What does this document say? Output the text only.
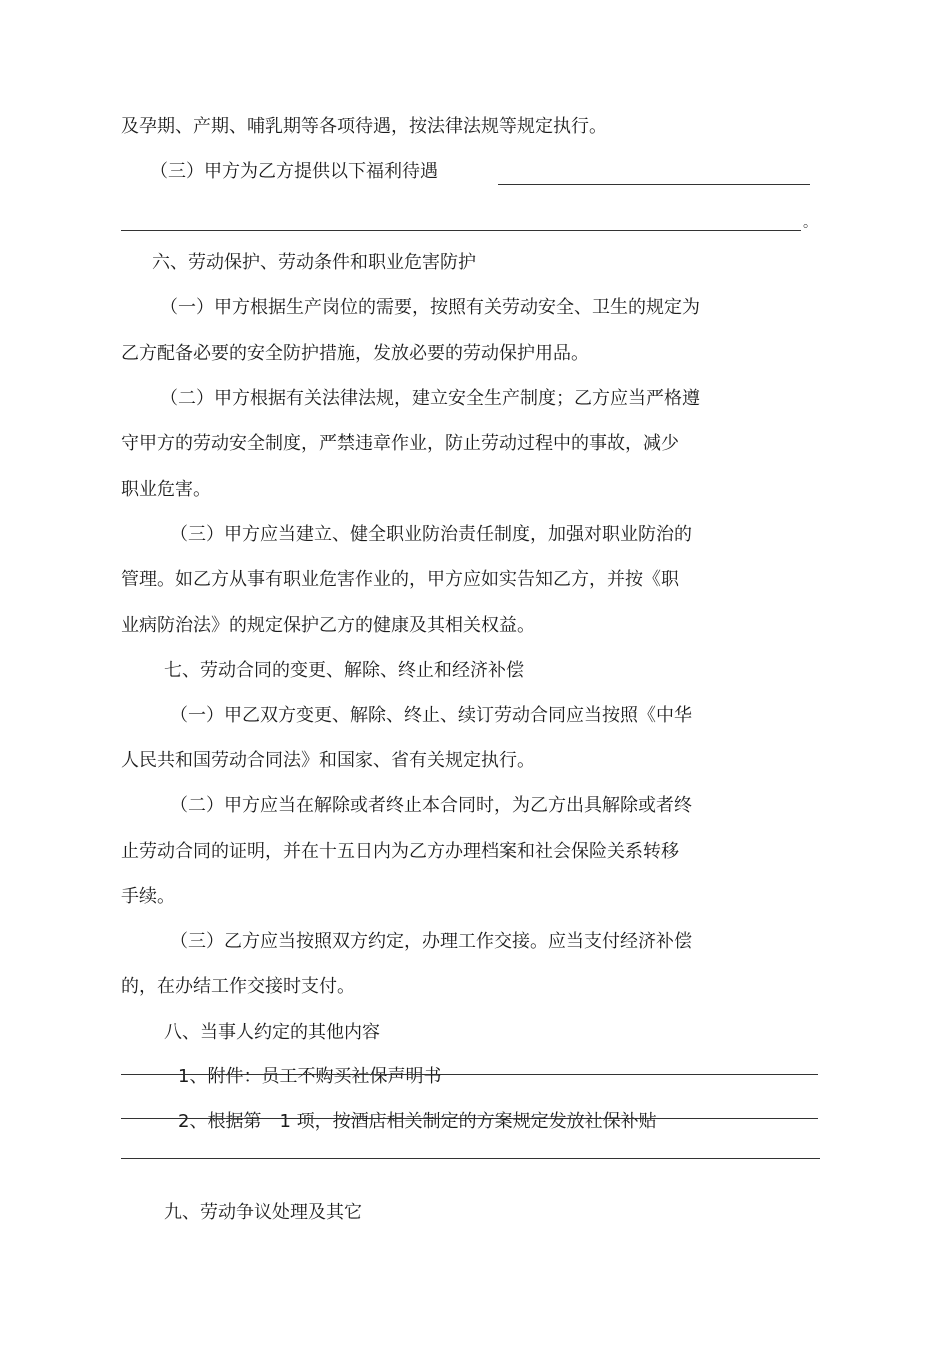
及孕期、产期、哺乳期等各项待遇，按法律法规等规定执行。
（三）甲方为乙方提供以下福利待遇
。
六、劳动保护、劳动条件和职业危害防护
（一）甲方根据生产岗位的需要，按照有关劳动安全、卫生的规定为
乙方配备必要的安全防护措施，发放必要的劳动保护用品。
（二）甲方根据有关法律法规，建立安全生产制度；乙方应当严格遵
守甲方的劳动安全制度，严禁违章作业，防止劳动过程中的事故，减少
职业危害。
（三）甲方应当建立、健全职业防治责任制度，加强对职业防治的
管理。如乙方从事有职业危害作业的，甲方应如实告知乙方，并按《职
业病防治法》的规定保护乙方的健康及其相关权益。
七、劳动合同的变更、解除、终止和经济补偿
（一）甲乙双方变更、解除、终止、续订劳动合同应当按照《中华
人民共和国劳动合同法》和国家、省有关规定执行。
（二）甲方应当在解除或者终止本合同时，为乙方出具解除或者终
止劳动合同的证明，并在十五日内为乙方办理档案和社会保险关系转移
手续。
（三）乙方应当按照双方约定，办理工作交接。应当支付经济补偿
的，在办结工作交接时支付。
八、当事人约定的其他内容
1、附件：员工不购买社保声明书
2、根据第　1 项，按酒店相关制定的方案规定发放社保补贴
九、劳动争议处理及其它
